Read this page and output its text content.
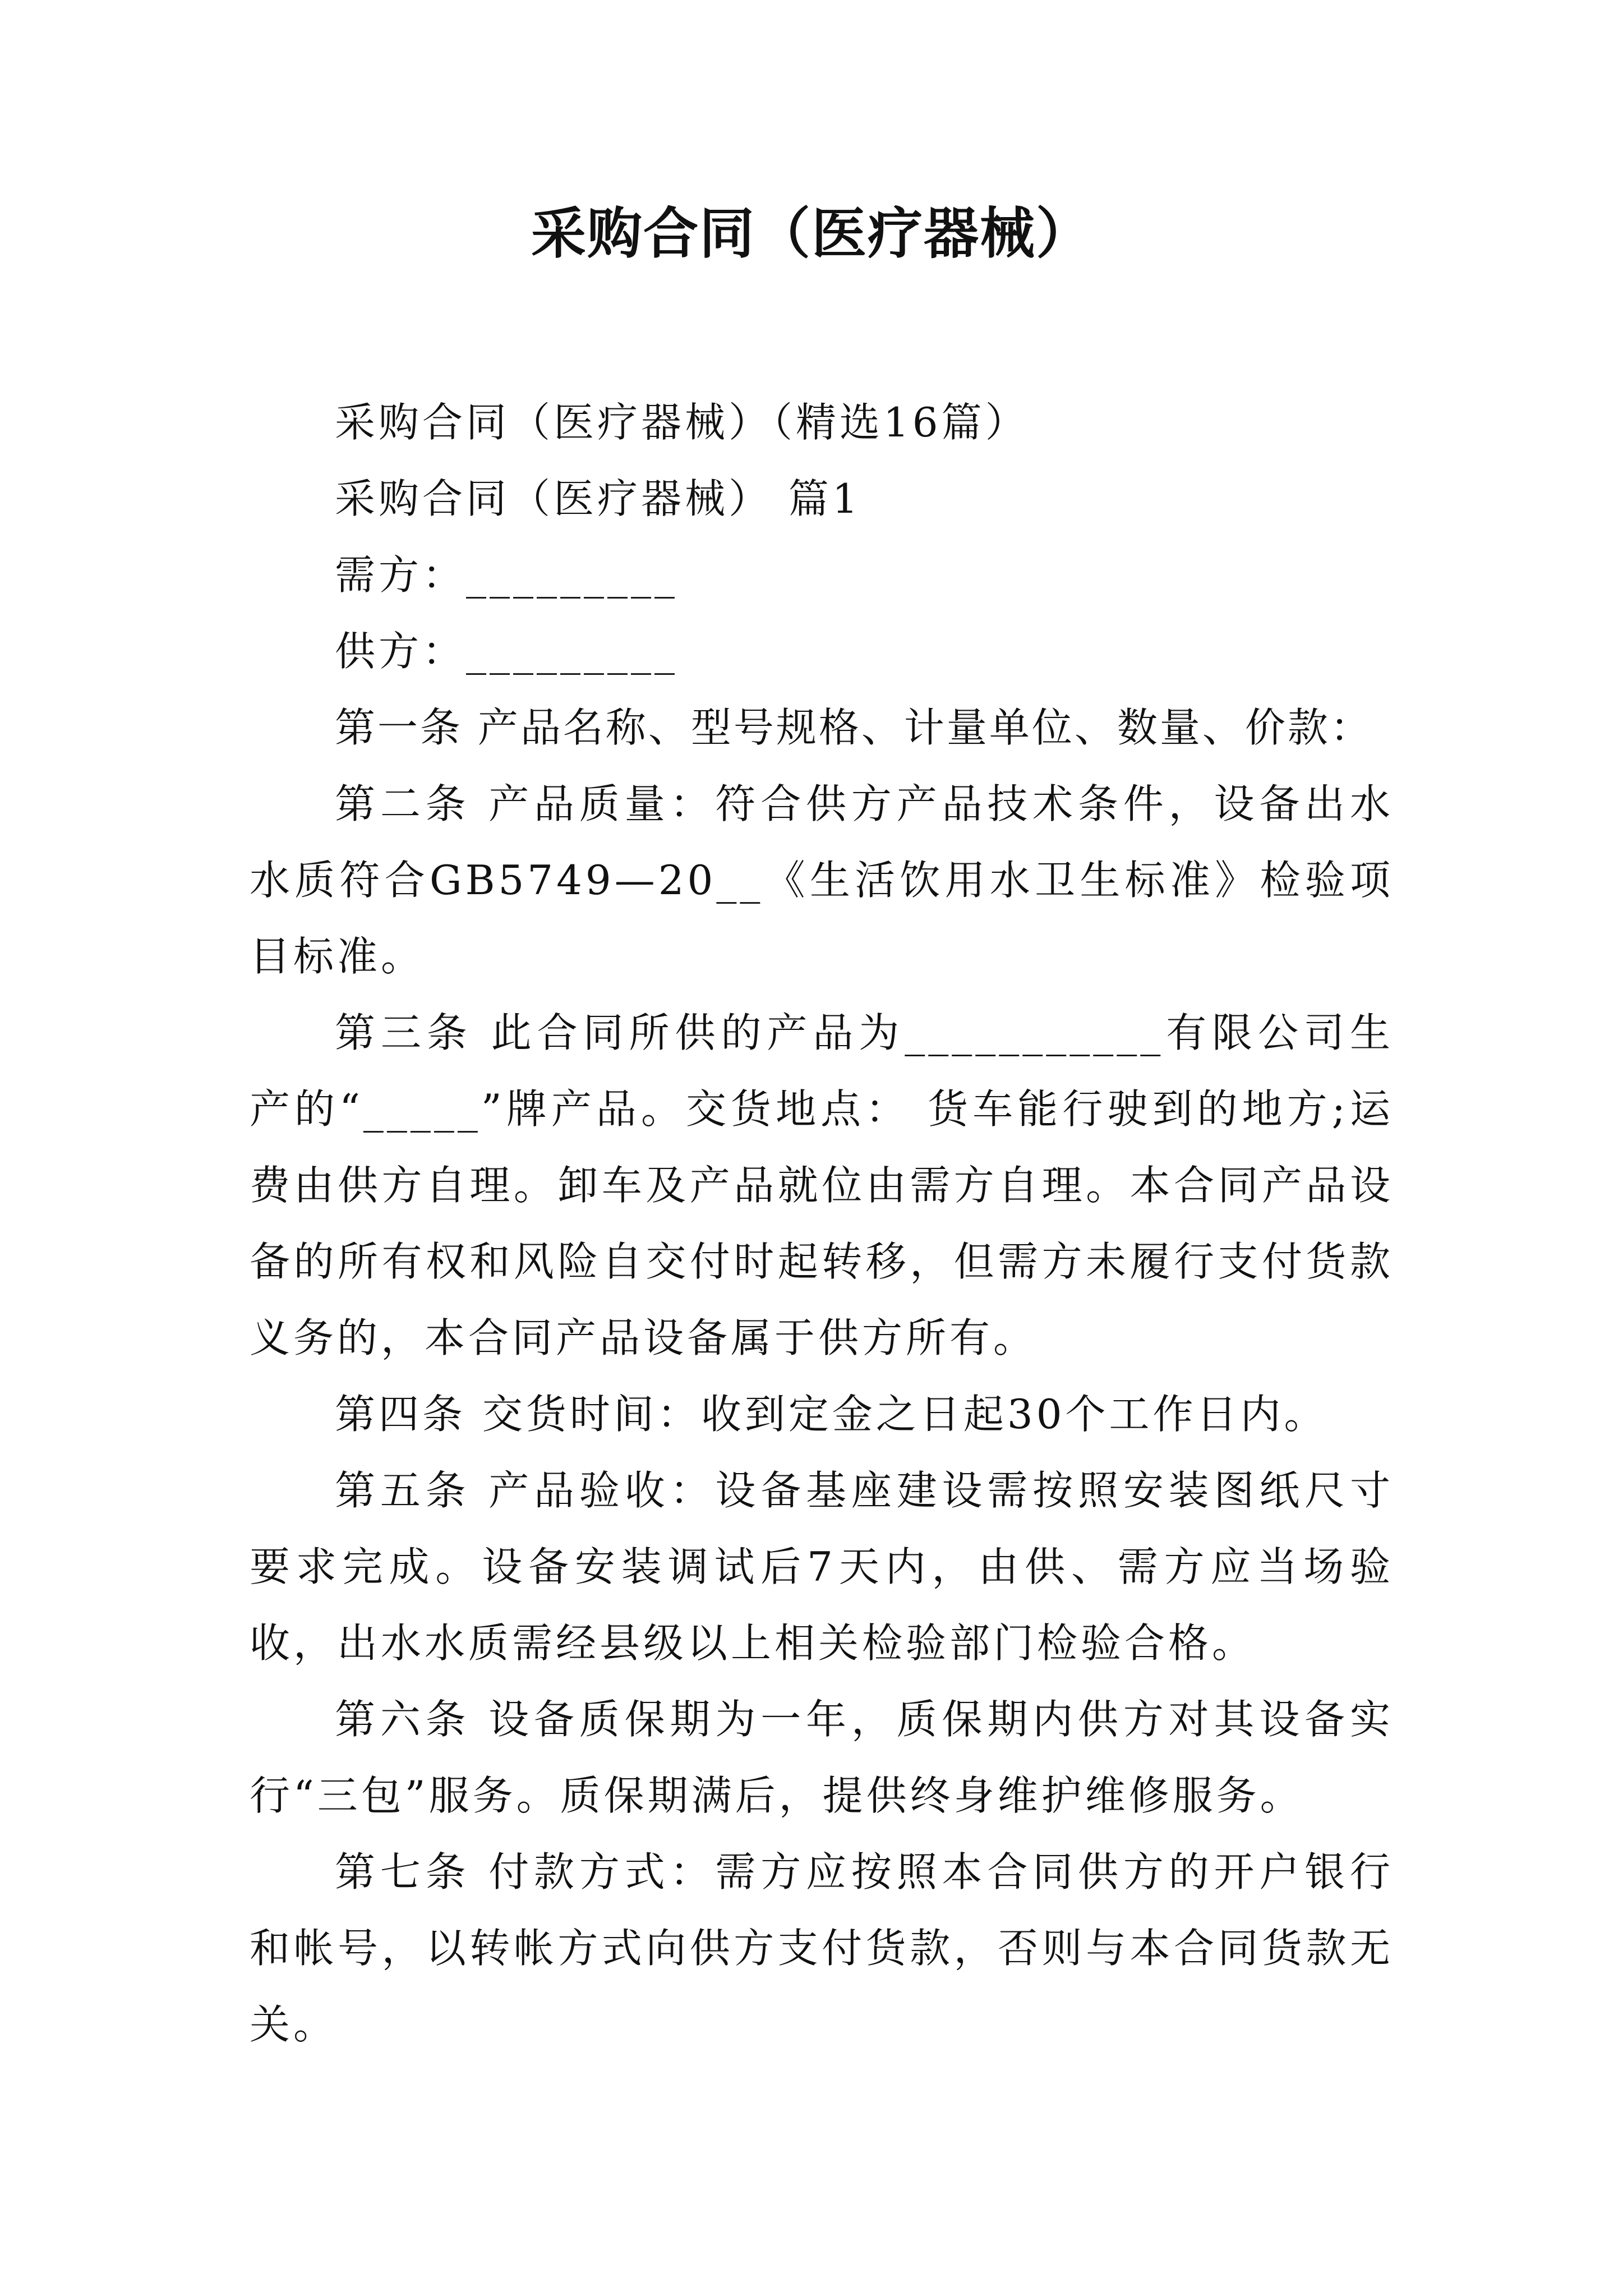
采购合同（医疗器械）

采购合同（医疗器械）（精选16篇）

采购合同（医疗器械） 篇1

需方：_________

供方：_________

第一条 产品名称、型号规格、计量单位、数量、价款：

第二条 产品质量：符合供方产品技术条件，设备出水水质符合GB5749—20__《生活饮用水卫生标准》检验项目标准。

第三条 此合同所供的产品为___________有限公司生产的“_____”牌产品。交货地点： 货车能行驶到的地方;运费由供方自理。卸车及产品就位由需方自理。本合同产品设备的所有权和风险自交付时起转移，但需方未履行支付货款义务的，本合同产品设备属于供方所有。

第四条 交货时间：收到定金之日起30个工作日内。

第五条 产品验收：设备基座建设需按照安装图纸尺寸要求完成。设备安装调试后7天内，由供、需方应当场验收，出水水质需经县级以上相关检验部门检验合格。

第六条 设备质保期为一年，质保期内供方对其设备实行“三包”服务。质保期满后，提供终身维护维修服务。

第七条 付款方式：需方应按照本合同供方的开户银行和帐号，以转帐方式向供方支付货款，否则与本合同货款无关。
